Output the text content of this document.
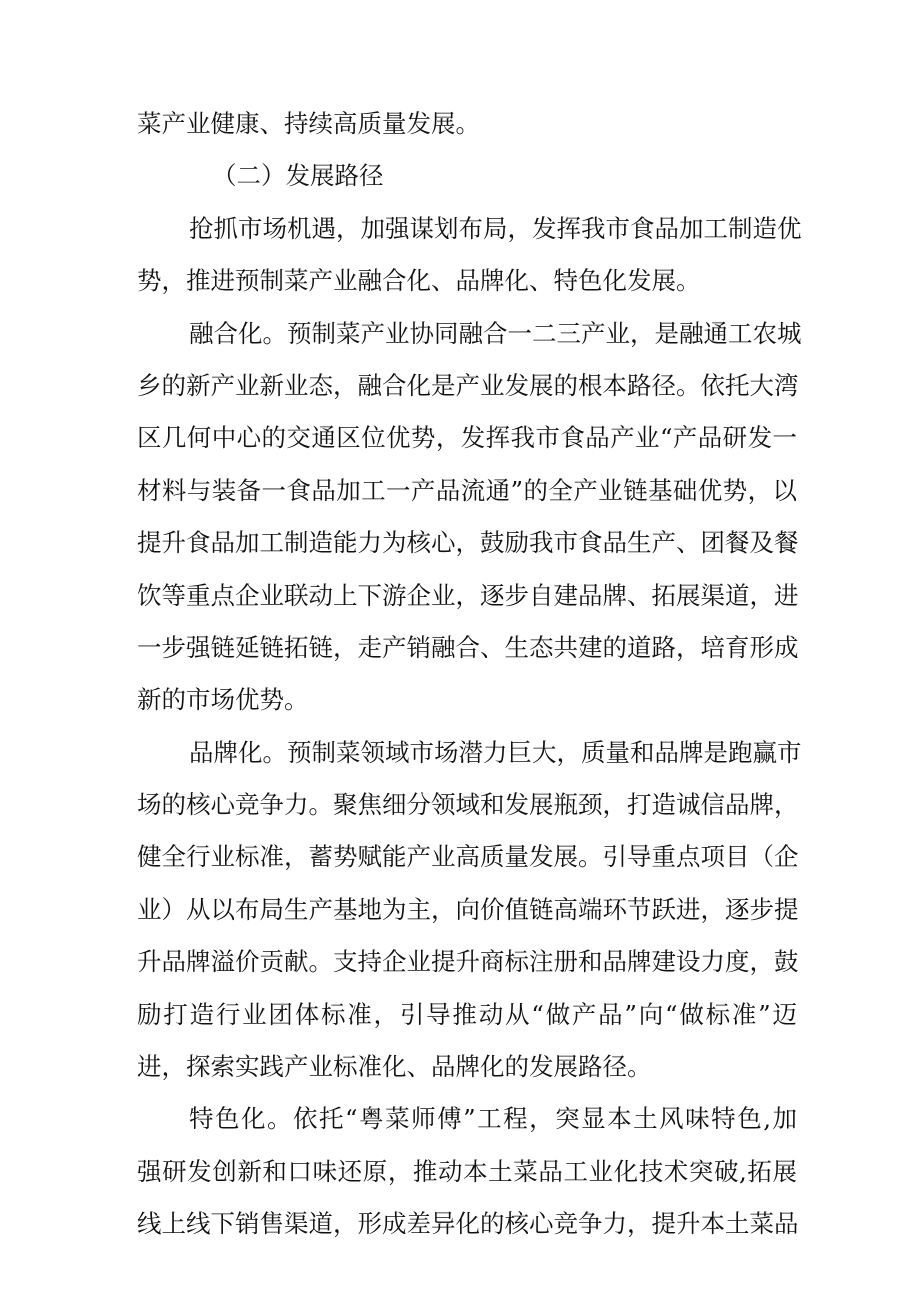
菜产业健康、持续高质量发展。
（二）发展路径
抢抓市场机遇，加强谋划布局，发挥我市食品加工制造优
势，推进预制菜产业融合化、品牌化、特色化发展。
融合化。预制菜产业协同融合一二三产业，是融通工农城
乡的新产业新业态，融合化是产业发展的根本路径。依托大湾
区几何中心的交通区位优势，发挥我市食品产业“产品研发一
材料与装备一食品加工一产品流通”的全产业链基础优势，以
提升食品加工制造能力为核心，鼓励我市食品生产、团餐及餐
饮等重点企业联动上下游企业，逐步自建品牌、拓展渠道，进
一步强链延链拓链，走产销融合、生态共建的道路，培育形成
新的市场优势。
品牌化。预制菜领域市场潜力巨大，质量和品牌是跑赢市
场的核心竞争力。聚焦细分领域和发展瓶颈，打造诚信品牌，
健全行业标准，蓄势赋能产业高质量发展。引导重点项目（企
业）从以布局生产基地为主，向价值链高端环节跃进，逐步提
升品牌溢价贡献。支持企业提升商标注册和品牌建设力度，鼓
励打造行业团体标准，引导推动从“做产品”向“做标准”迈
进，探索实践产业标准化、品牌化的发展路径。
特色化。依托“粤菜师傅”工程，突显本土风味特色,加
强研发创新和口味还原，推动本土菜品工业化技术突破,拓展
线上线下销售渠道，形成差异化的核心竞争力，提升本土菜品
